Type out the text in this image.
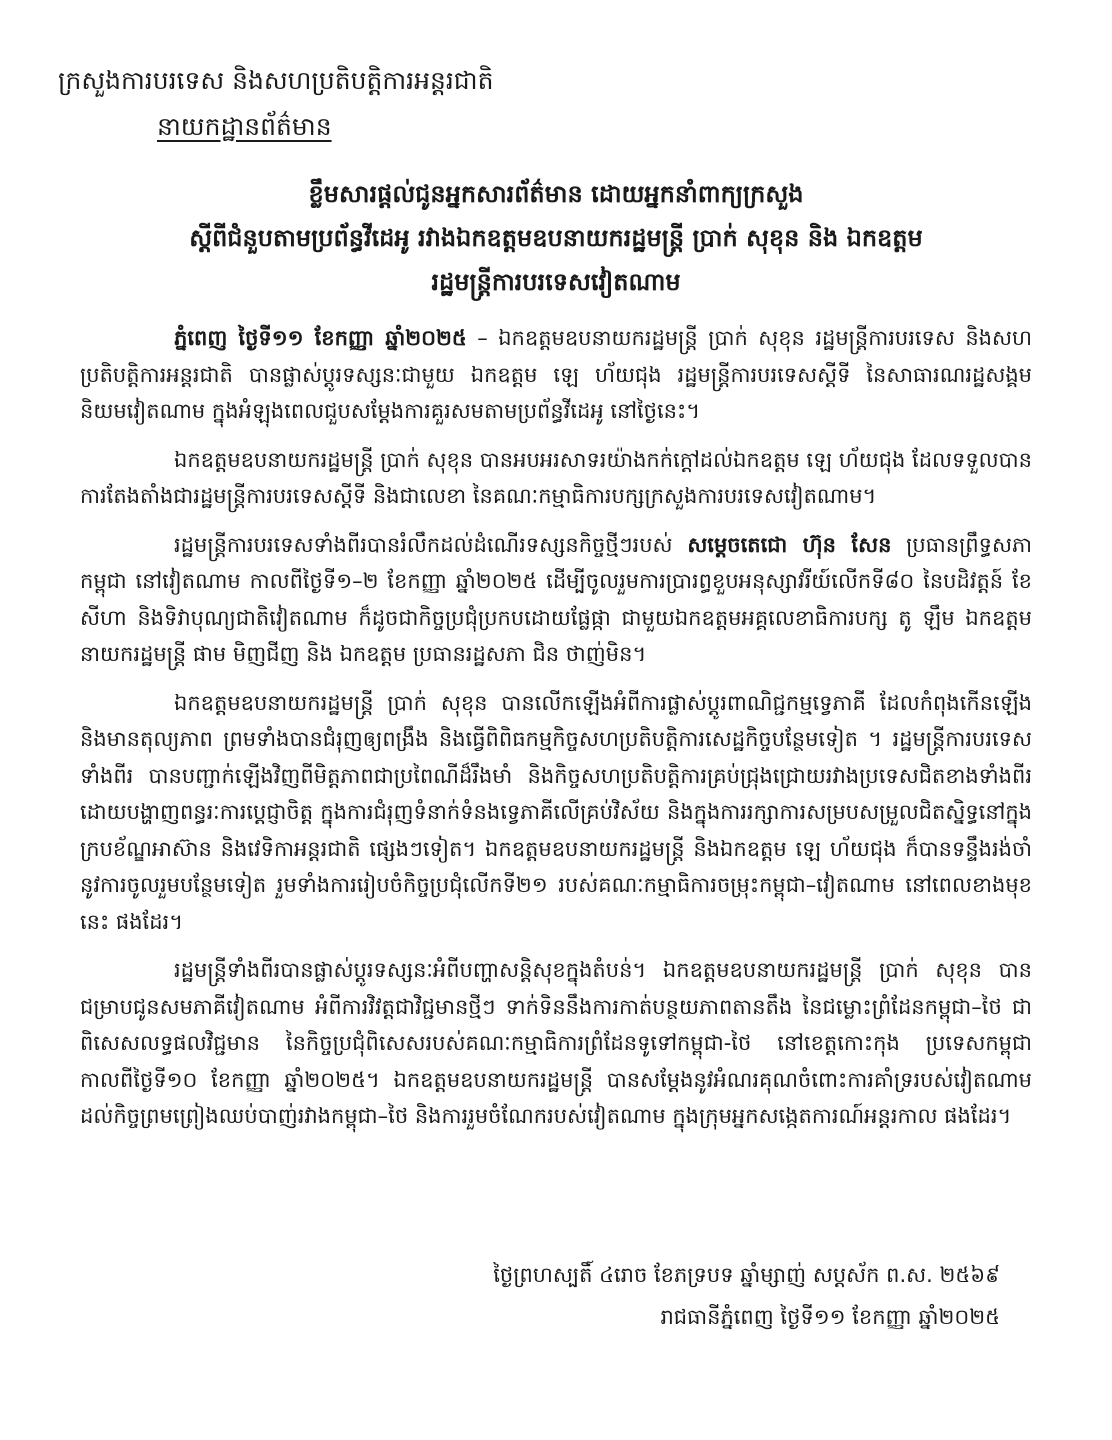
ក្រសួងការបរទេស និងសហប្រតិបត្តិការអន្តរជាតិ

នាយកដ្ឋានព័ត៌មាន

ខ្លឹមសារផ្តល់ជូនអ្នកសារព័ត៌មាន ដោយអ្នកនាំពាក្យក្រសួង
ស្តីពីជំនួបតាមប្រព័ន្ធវីដេអូ រវាងឯកឧត្តមឧបនាយករដ្ឋមន្ត្រី ប្រាក់ សុខុន និង ឯកឧត្តម
រដ្ឋមន្ត្រីការបរទេសវៀតណាម

ភ្នំពេញ ថ្ងៃទី១១ ខែកញ្ញា ឆ្នាំ២០២៥ – ឯកឧត្តមឧបនាយករដ្ឋមន្ត្រី ប្រាក់ សុខុន រដ្ឋមន្ត្រីការបរទេស និងសហប្រតិបត្តិការអន្តរជាតិ បានផ្លាស់ប្តូរទស្សនៈជាមួយ ឯកឧត្តម ឡេ ហ័យជុង រដ្ឋមន្ត្រីការបរទេសស្តីទី នៃសាធារណរដ្ឋសង្គមនិយមវៀតណាម ក្នុងអំឡុងពេលជួបសម្តែងការគួរសមតាមប្រព័ន្ធវីដេអូ នៅថ្ងៃនេះ។

ឯកឧត្តមឧបនាយករដ្ឋមន្ត្រី ប្រាក់ សុខុន បានអបអរសាទរយ៉ាងកក់ក្តៅដល់ឯកឧត្តម ឡេ ហ័យជុង ដែលទទួលបានការតែងតាំងជារដ្ឋមន្ត្រីការបរទេសស្តីទី និងជាលេខា នៃគណៈកម្មាធិការបក្សក្រសួងការបរទេសវៀតណាម។

រដ្ឋមន្ត្រីការបរទេសទាំងពីរបានរំលឹកដល់ដំណើរទស្សនកិច្ចថ្មីៗរបស់ សម្តេចតេជោ ហ៊ុន សែន ប្រធានព្រឹទ្ធសភាកម្ពុជា នៅវៀតណាម កាលពីថ្ងៃទី១–២ ខែកញ្ញា ឆ្នាំ២០២៥ ដើម្បីចូលរួមការប្រារព្ធខួបអនុស្សាវរីយ៍លើកទី៨០ នៃបដិវត្តន៍ ខែសីហា និងទិវាបុណ្យជាតិវៀតណាម ក៏ដូចជាកិច្ចប្រជុំប្រកបដោយផ្លែផ្កា ជាមួយឯកឧត្តមអគ្គលេខាធិការបក្ស តូ ឡឹម ឯកឧត្តមនាយករដ្ឋមន្ត្រី ផាម មិញជីញ និង ឯកឧត្តម ប្រធានរដ្ឋសភា ជិន ថាញ់មិន។

ឯកឧត្តមឧបនាយករដ្ឋមន្ត្រី ប្រាក់ សុខុន បានលើកឡើងអំពីការផ្លាស់ប្តូរពាណិជ្ជកម្មទ្វេភាគី ដែលកំពុងកើនឡើង និងមានតុល្យភាព ព្រមទាំងបានជំរុញឲ្យពង្រឹង និងធ្វើពិពិធកម្មកិច្ចសហប្រតិបត្តិការសេដ្ឋកិច្ចបន្ថែមទៀត ។ រដ្ឋមន្ត្រីការបរទេសទាំងពីរ បានបញ្ជាក់ឡើងវិញពីមិត្តភាពជាប្រពៃណីដ៏រឹងមាំ និងកិច្ចសហប្រតិបត្តិការគ្រប់ជ្រុងជ្រោយរវាងប្រទេសជិតខាងទាំងពីរ ដោយបង្ហាញពន្ធរៈការប្តេជ្ញាចិត្ត ក្នុងការជំរុញទំនាក់ទំនងទ្វេភាគីលើគ្រប់វិស័យ និងក្នុងការរក្សាការសម្របសម្រួលជិតស្និទ្ធនៅក្នុងក្របខ័ណ្ឌអាស៊ាន និងវេទិកាអន្តរជាតិ ផ្សេងៗទៀត។ ឯកឧត្តមឧបនាយករដ្ឋមន្ត្រី និងឯកឧត្តម ឡេ ហ័យជុង ក៏បានទន្ទឹងរង់ចាំនូវការចូលរួមបន្ថែមទៀត រួមទាំងការរៀបចំកិច្ចប្រជុំលើកទី២១ របស់គណៈកម្មាធិការចម្រុះកម្ពុជា–វៀតណាម នៅពេលខាងមុខនេះ ផងដែរ។

រដ្ឋមន្ត្រីទាំងពីរបានផ្លាស់ប្តូរទស្សនៈអំពីបញ្ហាសន្តិសុខក្នុងតំបន់។ ឯកឧត្តមឧបនាយករដ្ឋមន្ត្រី ប្រាក់ សុខុន បានជម្រាបជូនសមភាគីវៀតណាម អំពីការវិវត្តជាវិជ្ជមានថ្មីៗ ទាក់ទិននឹងការកាត់បន្ថយភាពតានតឹង នៃជម្លោះព្រំដែនកម្ពុជា–ថៃ ជាពិសេសលទ្ធផលវិជ្ជមាន នៃកិច្ចប្រជុំពិសេសរបស់គណៈកម្មាធិការព្រំដែនទូទៅកម្ពុជា-ថៃ នៅខេត្តកោះកុង ប្រទេសកម្ពុជា កាលពីថ្ងៃទី១០ ខែកញ្ញា ឆ្នាំ២០២៥។ ឯកឧត្តមឧបនាយករដ្ឋមន្ត្រី បានសម្តែងនូវអំណរគុណចំពោះការគាំទ្ររបស់វៀតណាម ដល់កិច្ចព្រមព្រៀងឈប់បាញ់រវាងកម្ពុជា–ថៃ និងការរួមចំណែករបស់វៀតណាម ក្នុងក្រុមអ្នកសង្កេតការណ៍អន្តរកាល ផងដែរ។

ថ្ងៃព្រហស្បតិ៍ ៤រោច ខែភទ្របទ ឆ្នាំម្សាញ់ សប្តស័ក ព.ស. ២៥៦៩

រាជធានីភ្នំពេញ ថ្ងៃទី១១ ខែកញ្ញា ឆ្នាំ២០២៥
